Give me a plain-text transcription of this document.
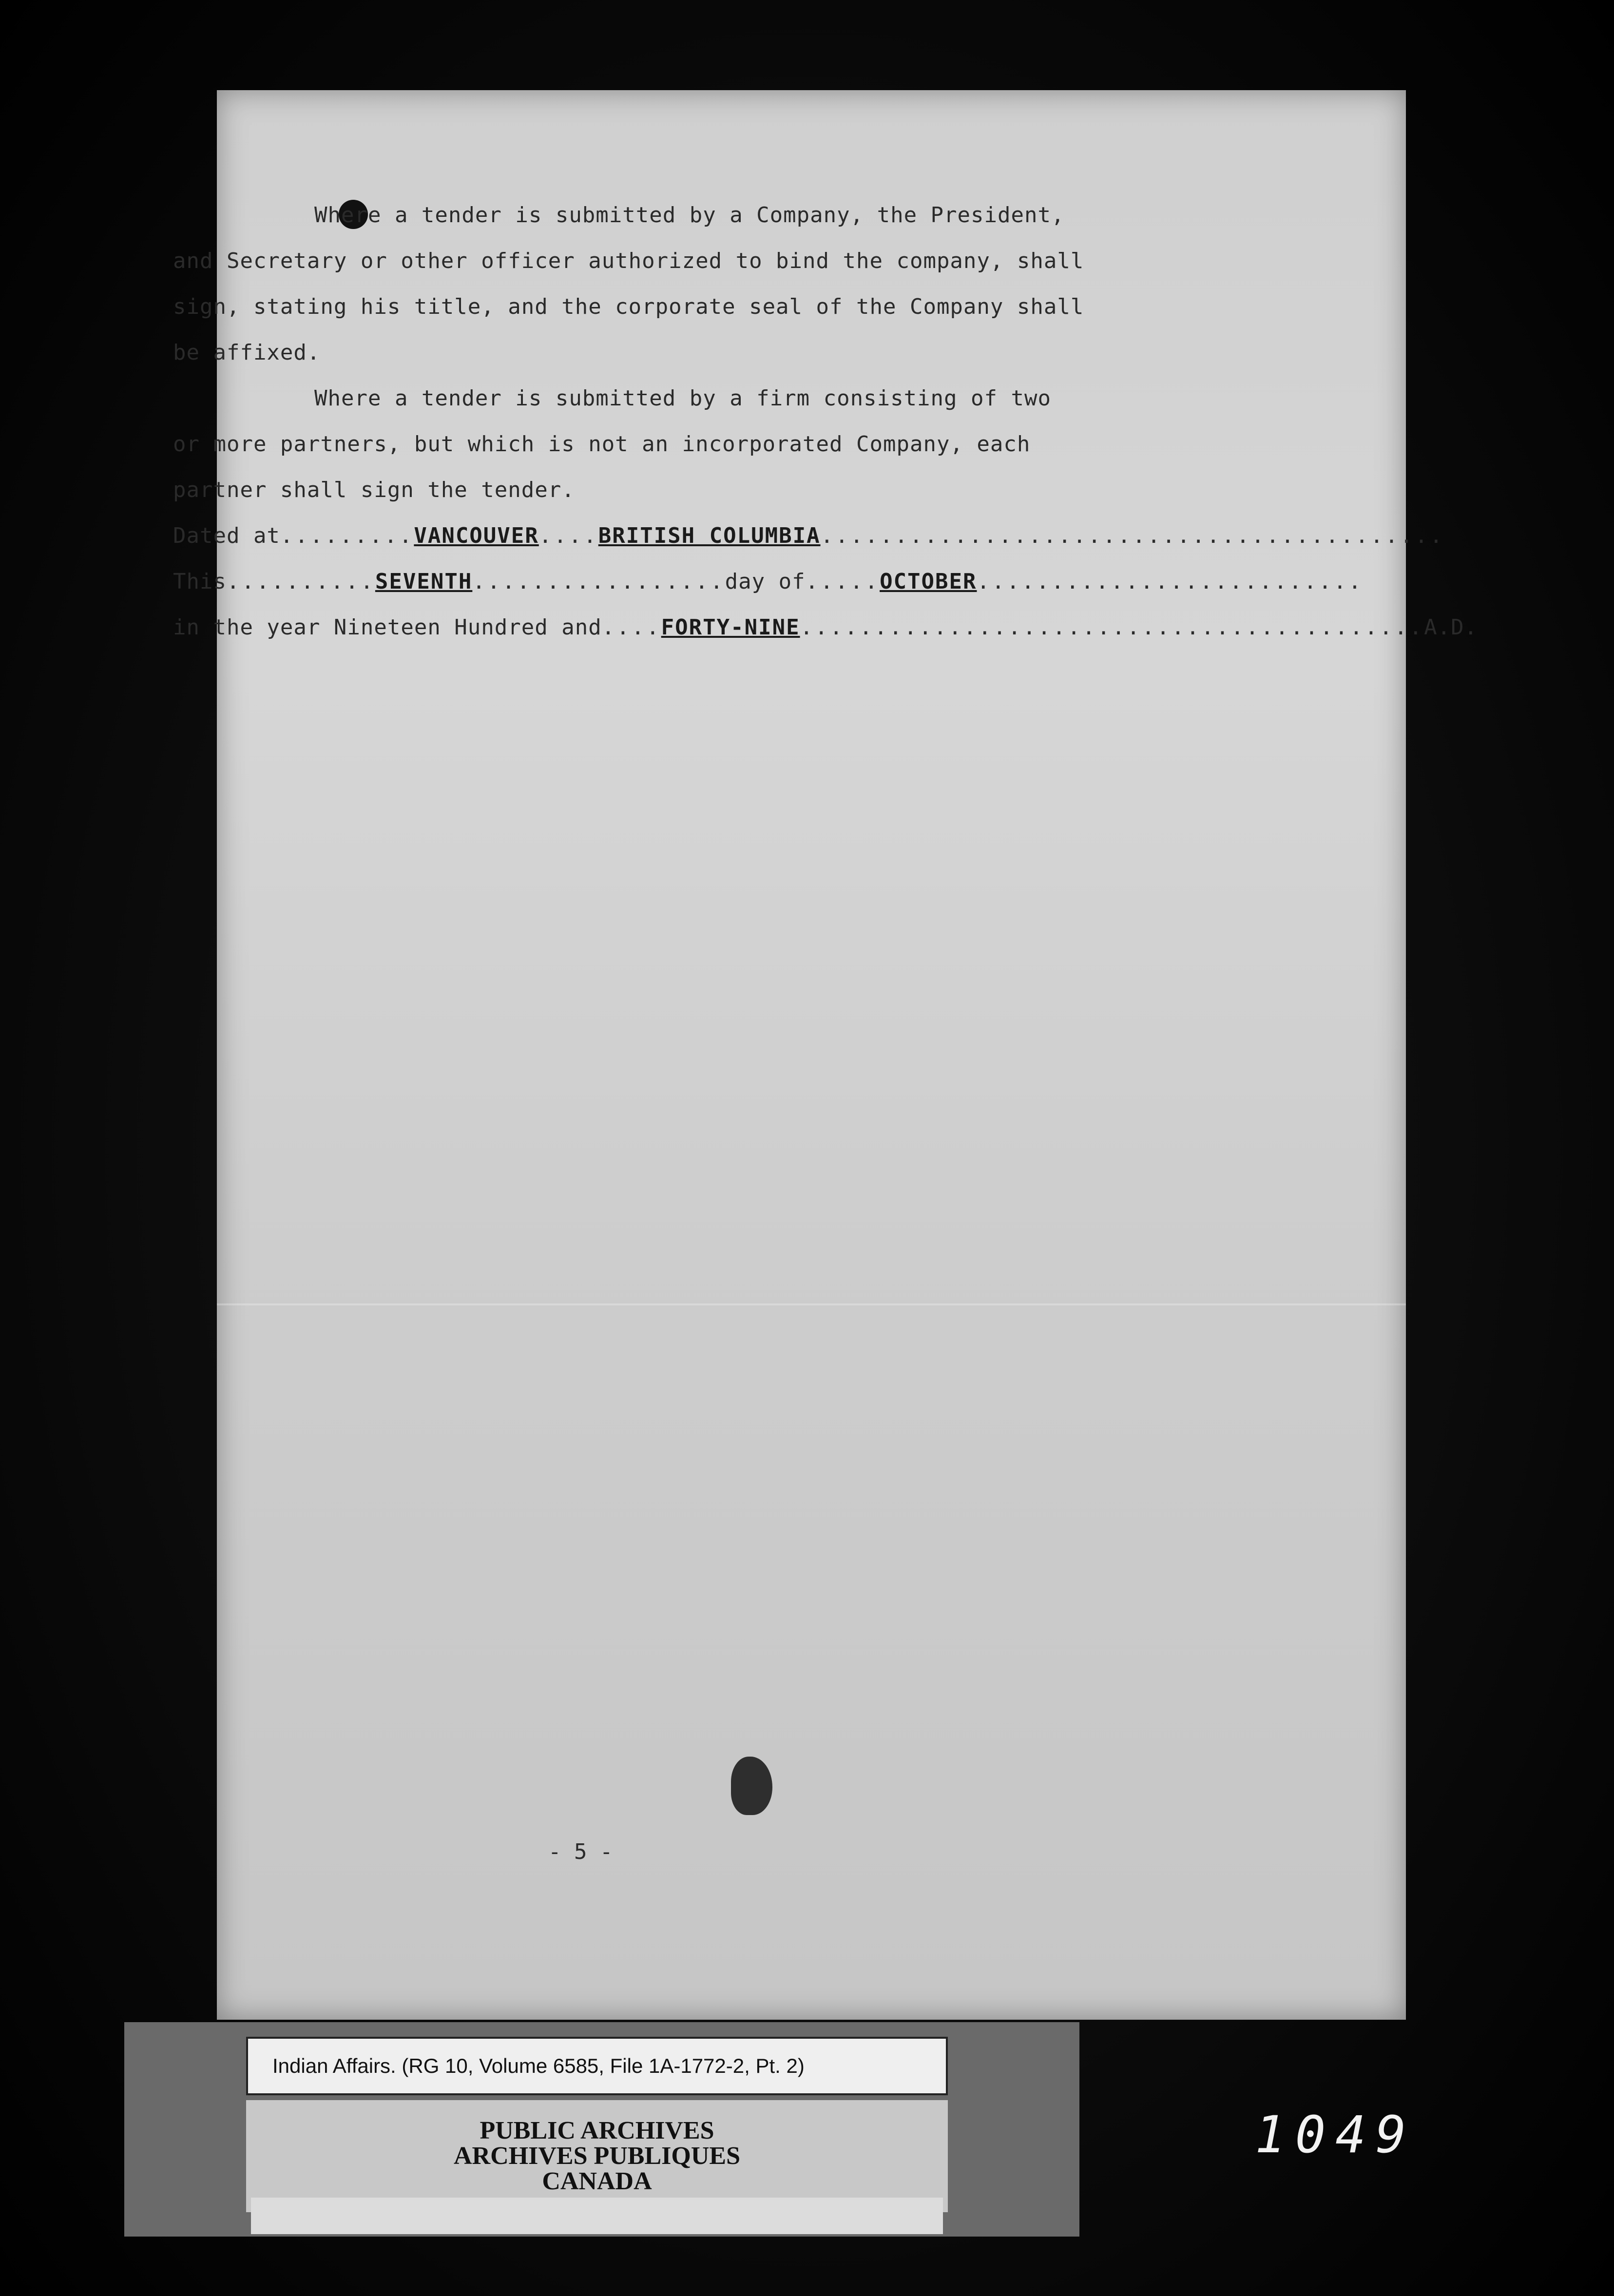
Where a tender is submitted by a Company, the President,
and Secretary or other officer authorized to bind the company, shall
sign, stating his title, and the corporate seal of the Company shall
be affixed.

Where a tender is submitted by a firm consisting of two
or more partners, but which is not an incorporated Company, each
partner shall sign the tender.

Dated at ......... VANCOUVER .... BRITISH COLUMBIA ..........................................
This .......... SEVENTH ................. day of ..... OCTOBER ..........................
in the year Nineteen Hundred and .... FORTY-NINE .......................................... A.D.
- 5 -
Indian Affairs. (RG 10, Volume 6585, File 1A-1772-2, Pt. 2)
PUBLIC ARCHIVES
ARCHIVES PUBLIQUES
CANADA
1049
